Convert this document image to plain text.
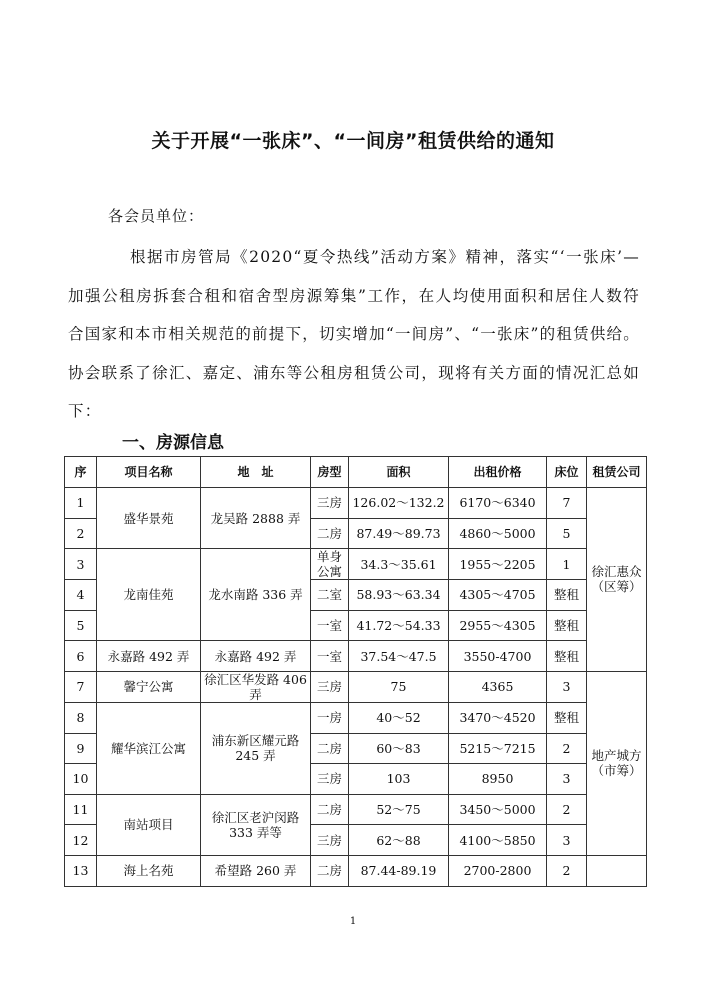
关于开展“一张床”、“一间房”租赁供给的通知
各会员单位：
根据市房管局《2020“夏令热线”活动方案》精神，落实“‘一张床’—加强公租房拆套合租和宿舍型房源筹集”工作，在人均使用面积和居住人数符合国家和本市相关规范的前提下，切实增加“一间房”、“一张床”的租赁供给。协会联系了徐汇、嘉定、浦东等公租房租赁公司，现将有关方面的情况汇总如下：
一、房源信息
序	项目名称	地　址	房型	面积	出租价格	床位	租赁公司
1	盛华景苑	龙吴路 2888 弄	三房	126.02～132.2	6170～6340	7	徐汇惠众（区筹）
2			二房	87.49～89.73	4860～5000	5	
3	龙南佳苑	龙水南路 336 弄	单身公寓	34.3～35.61	1955～2205	1	
4			二室	58.93～63.34	4305～4705	整租	
5			一室	41.72～54.33	2955～4305	整租	
6	永嘉路 492 弄	永嘉路 492 弄	一室	37.54～47.5	3550-4700	整租	
7	馨宁公寓	徐汇区华发路 406 弄	三房	75	4365	3	地产城方（市筹）
8	耀华滨江公寓	浦东新区耀元路 245 弄	一房	40～52	3470～4520	整租	
9			二房	60～83	5215～7215	2	
10			三房	103	8950	3	
11	南站项目	徐汇区老沪闵路 333 弄等	二房	52～75	3450～5000	2	
12			三房	62～88	4100～5850	3	
13	海上名苑	希望路 260 弄	二房	87.44-89.19	2700-2800	2	
1
